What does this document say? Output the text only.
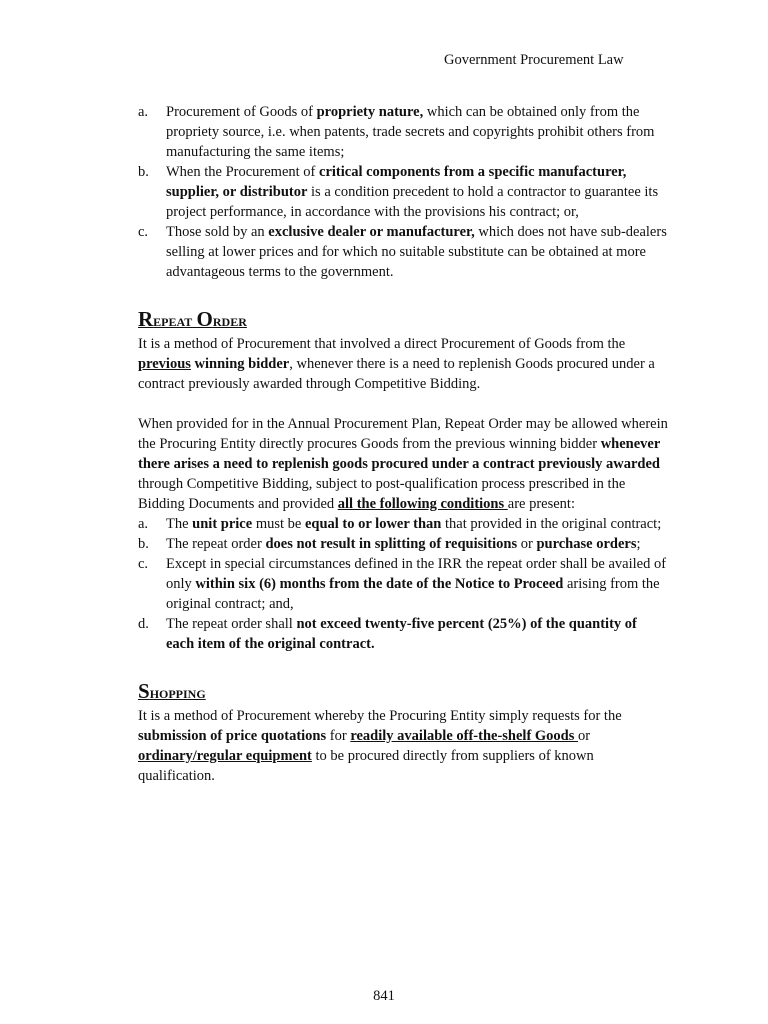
Government Procurement Law
a. Procurement of Goods of propriety nature, which can be obtained only from the propriety source, i.e. when patents, trade secrets and copyrights prohibit others from manufacturing the same items;
b. When the Procurement of critical components from a specific manufacturer, supplier, or distributor is a condition precedent to hold a contractor to guarantee its project performance, in accordance with the provisions his contract; or,
c. Those sold by an exclusive dealer or manufacturer, which does not have sub-dealers selling at lower prices and for which no suitable substitute can be obtained at more advantageous terms to the government.
Repeat Order

It is a method of Procurement that involved a direct Procurement of Goods from the previous winning bidder, whenever there is a need to replenish Goods procured under a contract previously awarded through Competitive Bidding.

When provided for in the Annual Procurement Plan, Repeat Order may be allowed wherein the Procuring Entity directly procures Goods from the previous winning bidder whenever there arises a need to replenish goods procured under a contract previously awarded through Competitive Bidding, subject to post-qualification process prescribed in the Bidding Documents and provided all the following conditions are present:

a. The unit price must be equal to or lower than that provided in the original contract;
b. The repeat order does not result in splitting of requisitions or purchase orders;
c. Except in special circumstances defined in the IRR the repeat order shall be availed of only within six (6) months from the date of the Notice to Proceed arising from the original contract; and,
d. The repeat order shall not exceed twenty-five percent (25%) of the quantity of each item of the original contract.
Shopping

It is a method of Procurement whereby the Procuring Entity simply requests for the submission of price quotations for readily available off-the-shelf Goods or ordinary/regular equipment to be procured directly from suppliers of known qualification.

841
